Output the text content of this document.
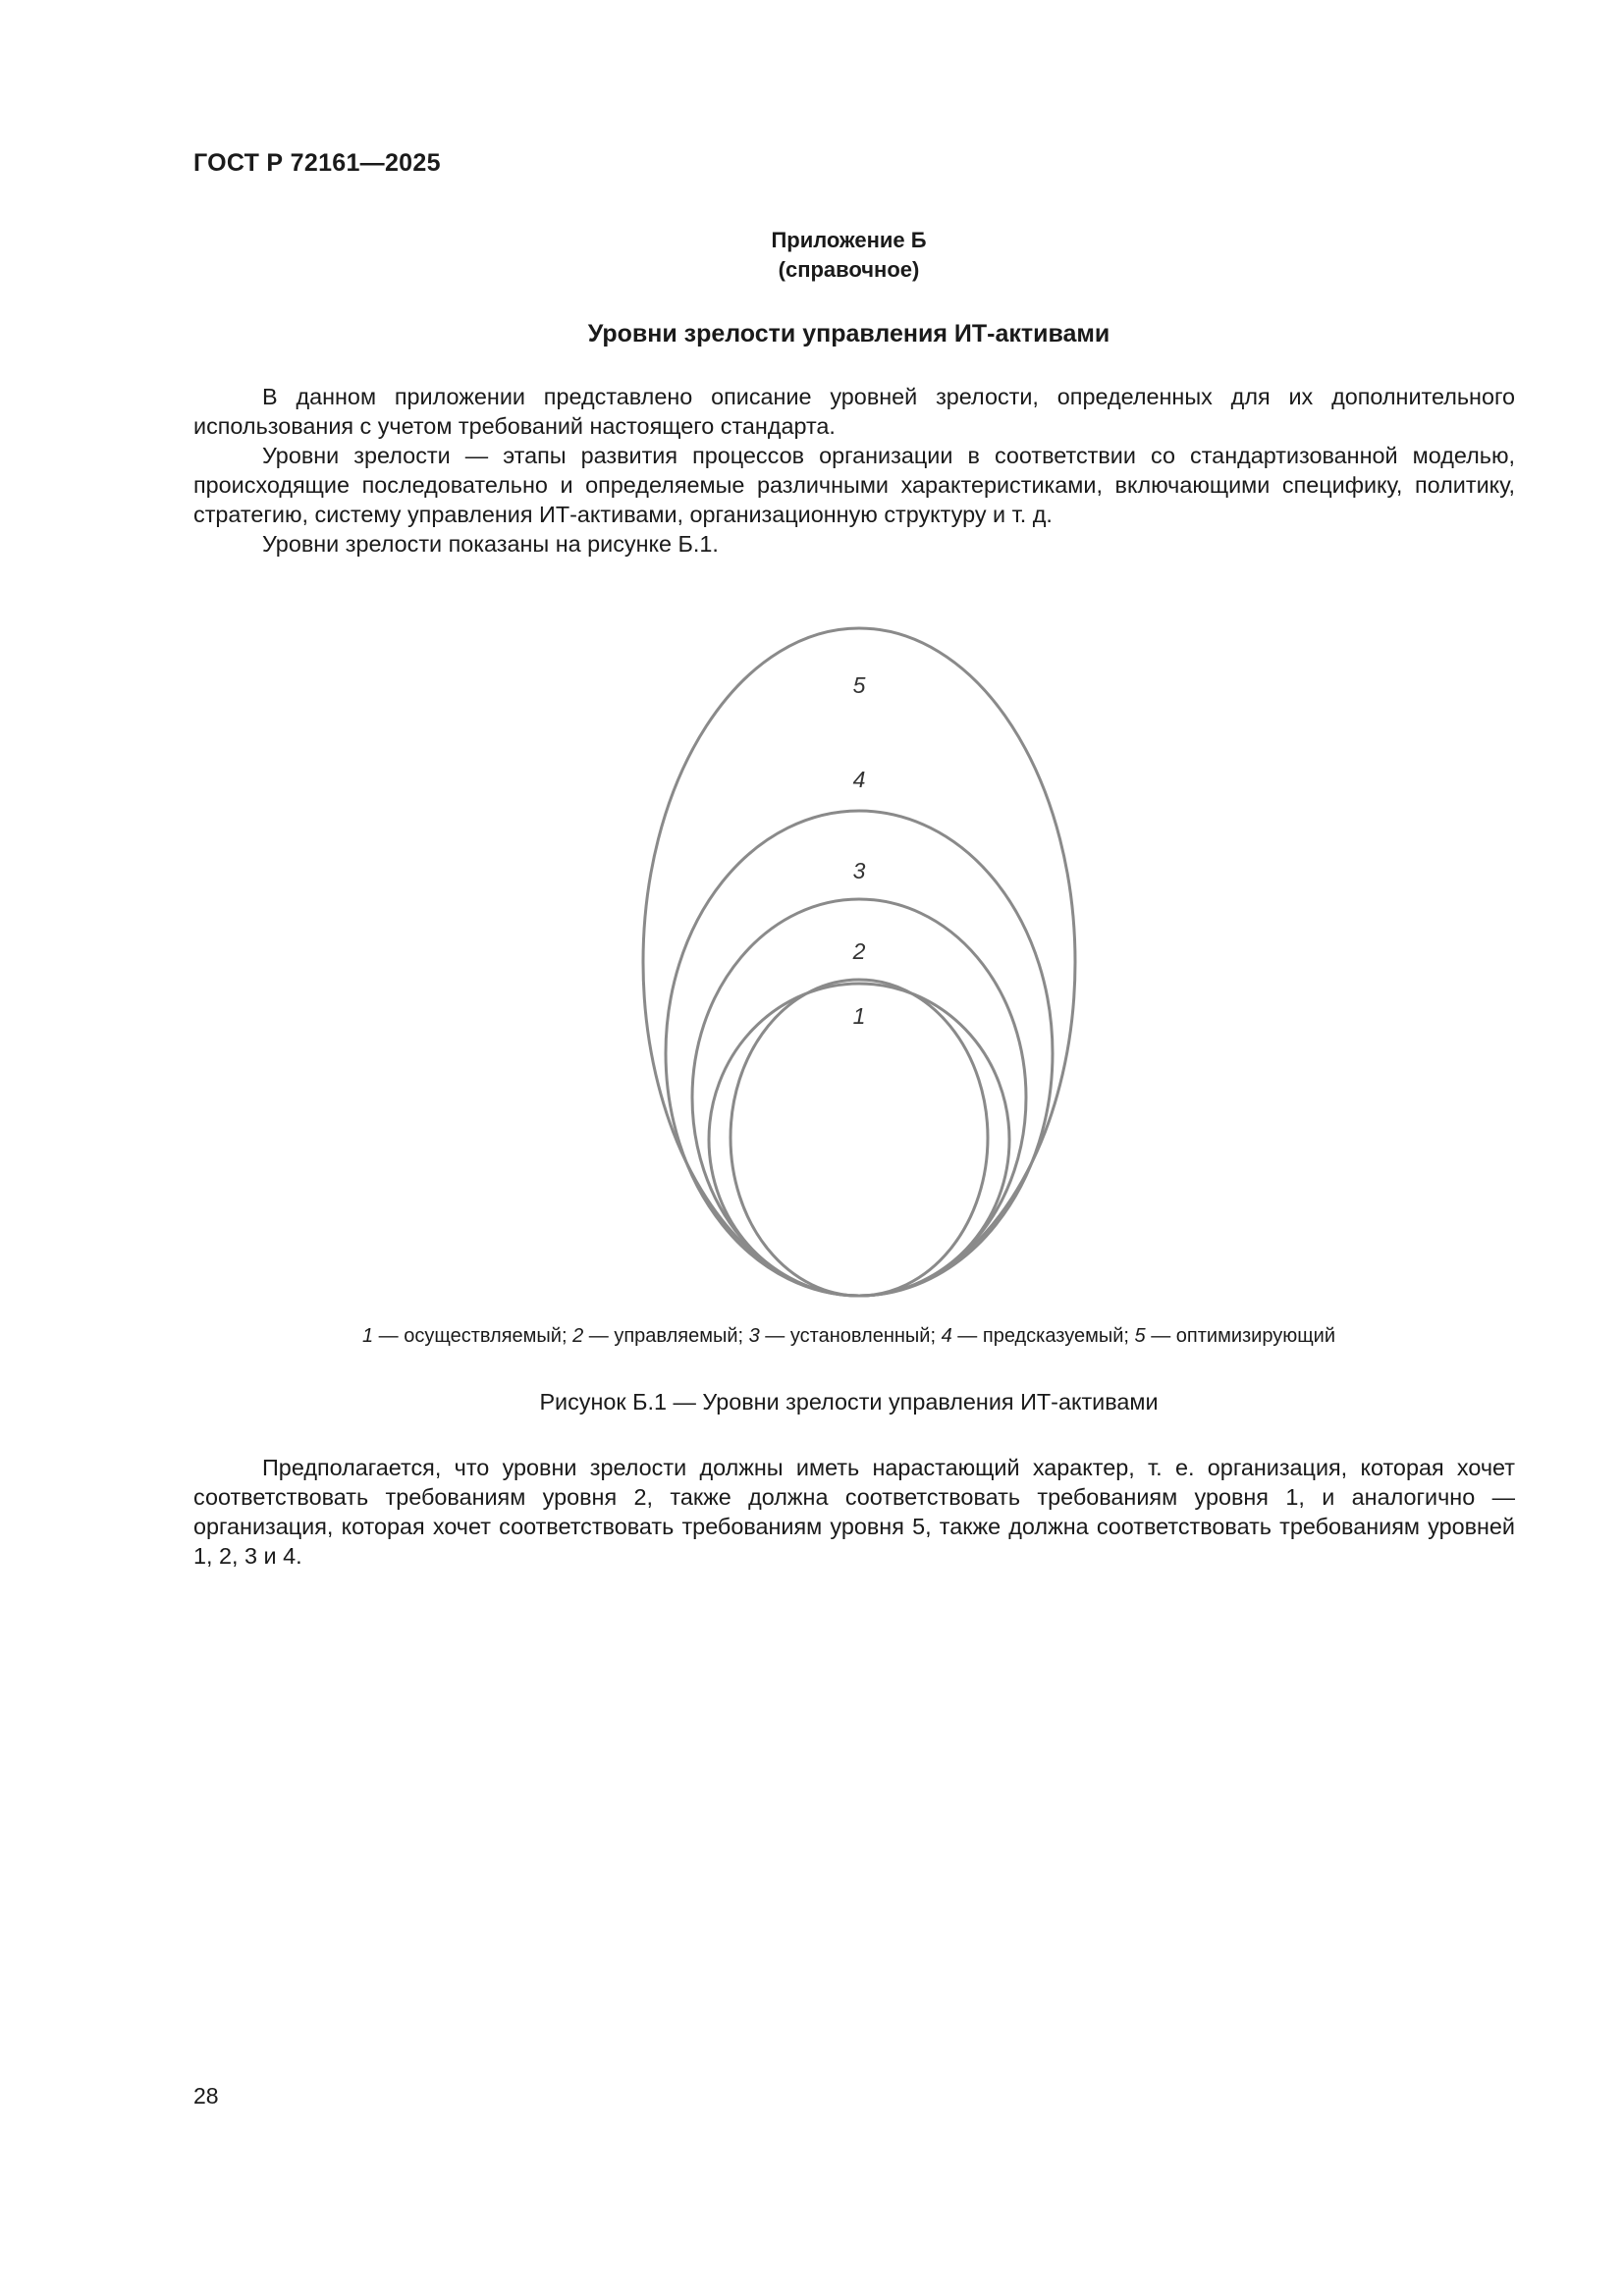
ГОСТ Р 72161—2025
Приложение Б
(справочное)
Уровни зрелости управления ИТ-активами

В данном приложении представлено описание уровней зрелости, определенных для их дополнительного использования с учетом требований настоящего стандарта.

Уровни зрелости — этапы развития процессов организации в соответствии со стандартизованной моделью, происходящие последовательно и определяемые различными характеристиками, включающими специфику, политику, стратегию, систему управления ИТ-активами, организационную структуру и т. д.

Уровни зрелости показаны на рисунке Б.1.

5
4
3
2
1
1 — осуществляемый; 2 — управляемый; 3 — установленный; 4 — предсказуемый; 5 — оптимизирующий
Рисунок Б.1 — Уровни зрелости управления ИТ-активами

Предполагается, что уровни зрелости должны иметь нарастающий характер, т. е. организация, которая хочет соответствовать требованиям уровня 2, также должна соответствовать требованиям уровня 1, и аналогично — организация, которая хочет соответствовать требованиям уровня 5, также должна соответствовать требованиям уровней 1, 2, 3 и 4.

28
